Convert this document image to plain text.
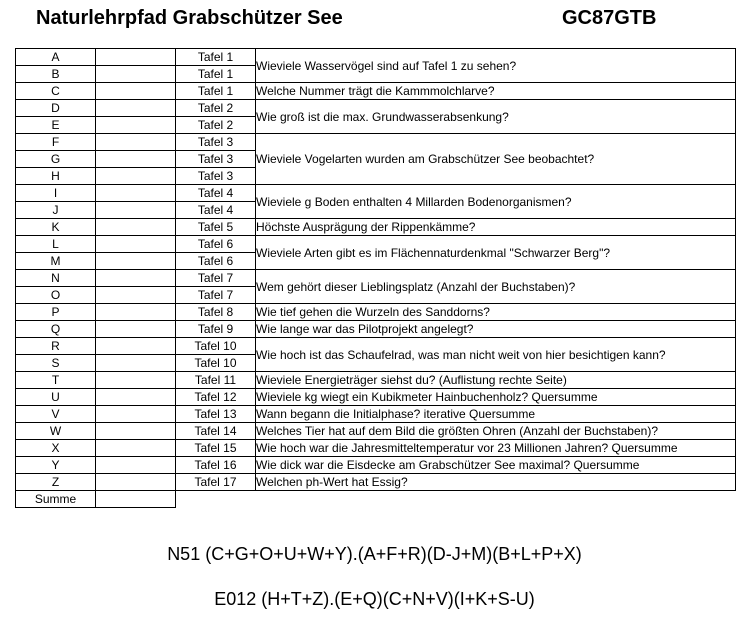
Naturlehrpfad Grabschützer See	GC87GTB
A		Tafel 1	Wieviele Wasservögel sind auf Tafel 1 zu sehen?
B		Tafel 1	
C		Tafel 1	Welche Nummer trägt die Kammmolchlarve?
D		Tafel 2	Wie groß ist die max. Grundwasserabsenkung?
E		Tafel 2	
F		Tafel 3	Wieviele Vogelarten wurden am Grabschützer See beobachtet?
G		Tafel 3	
H		Tafel 3	
I		Tafel 4	Wieviele g Boden enthalten 4 Millarden Bodenorganismen?
J		Tafel 4	
K		Tafel 5	Höchste Ausprägung der Rippenkämme?
L		Tafel 6	Wieviele Arten gibt es im Flächennaturdenkmal "Schwarzer Berg"?
M		Tafel 6	
N		Tafel 7	Wem gehört dieser Lieblingsplatz (Anzahl der Buchstaben)?
O		Tafel 7	
P		Tafel 8	Wie tief gehen die Wurzeln des Sanddorns?
Q		Tafel 9	Wie lange war das Pilotprojekt angelegt?
R		Tafel 10	Wie hoch ist das Schaufelrad, was man nicht weit von hier besichtigen kann?
S		Tafel 10	
T		Tafel 11	Wieviele Energieträger siehst du? (Auflistung rechte Seite)
U		Tafel 12	Wieviele kg wiegt ein Kubikmeter Hainbuchenholz? Quersumme
V		Tafel 13	Wann begann die Initialphase? iterative Quersumme
W		Tafel 14	Welches Tier hat auf dem Bild die größten Ohren (Anzahl der Buchstaben)?
X		Tafel 15	Wie hoch war die Jahresmitteltemperatur vor 23 Millionen Jahren? Quersumme
Y		Tafel 16	Wie dick war die Eisdecke am Grabschützer See maximal? Quersumme
Z		Tafel 17	Welchen ph-Wert hat Essig?
Summe			
N51 (C+G+O+U+W+Y).(A+F+R)(D-J+M)(B+L+P+X)
E012 (H+T+Z).(E+Q)(C+N+V)(I+K+S-U)
